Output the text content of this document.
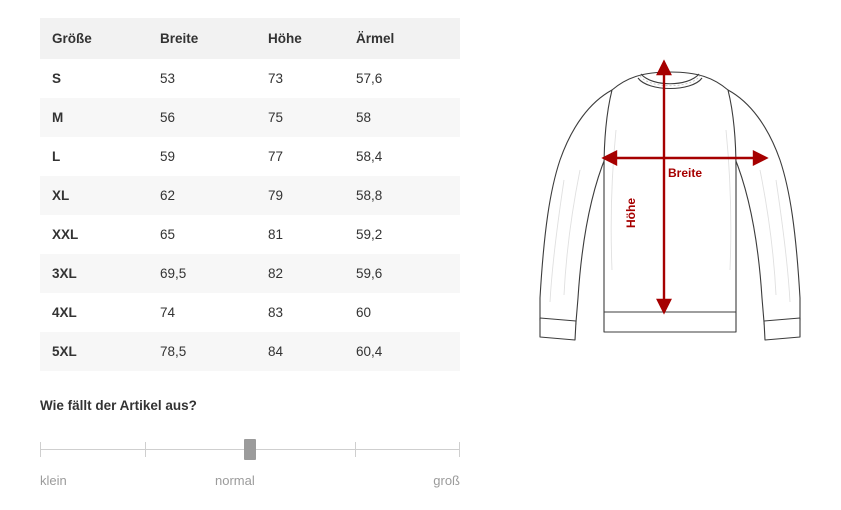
Größe	Breite	Höhe	Ärmel
S	53	73	57,6
M	56	75	58
L	59	77	58,4
XL	62	79	58,8
XXL	65	81	59,2
3XL	69,5	82	59,6
4XL	74	83	60
5XL	78,5	84	60,4
Wie fällt der Artikel aus?
klein	normal	groß
Breite
Höhe
